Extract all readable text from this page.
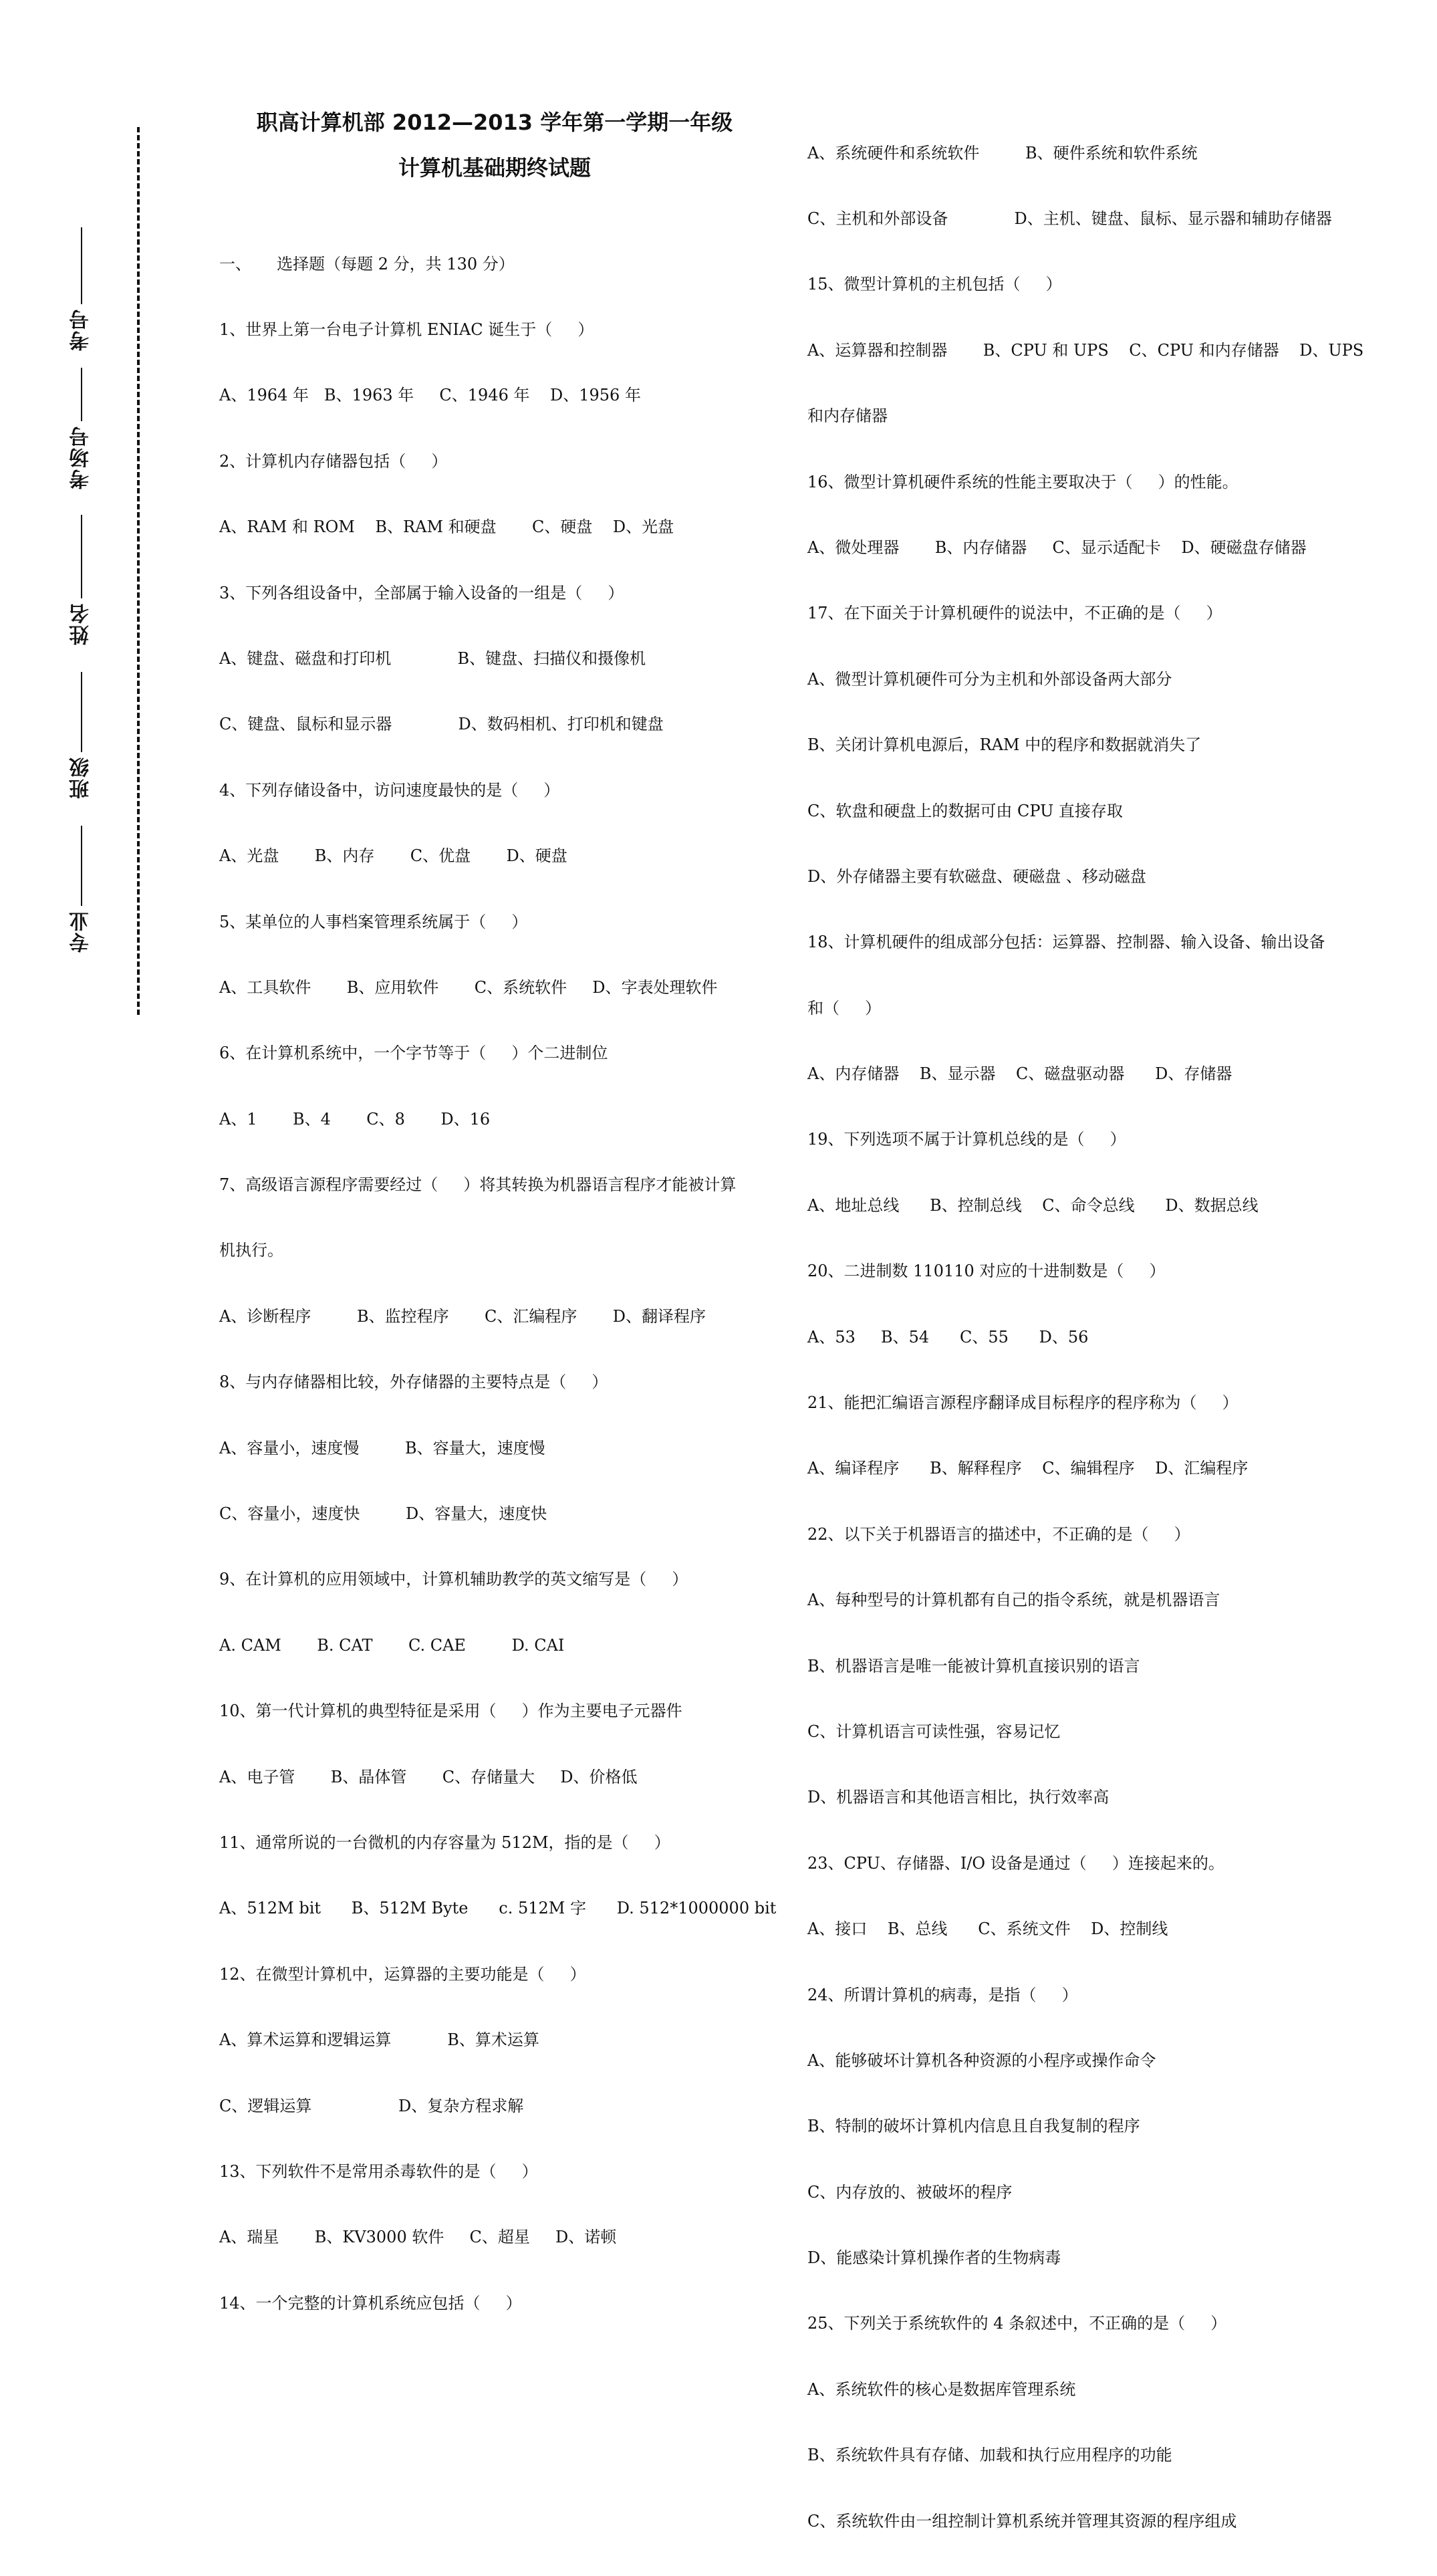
考号
考场号
姓名
班级
专业
职高计算机部 2012—2013 学年第一学期一年级
计算机基础期终试题

一、     选择题（每题 2 分，共 130 分）

1、世界上第一台电子计算机 ENIAC 诞生于（     ）

A、1964 年   B、1963 年     C、1946 年    D、1956 年

2、计算机内存储器包括（     ）

A、RAM 和 ROM    B、RAM 和硬盘       C、硬盘    D、光盘

3、下列各组设备中，全部属于输入设备的一组是（     ）

A、键盘、磁盘和打印机             B、键盘、扫描仪和摄像机

C、键盘、鼠标和显示器             D、数码相机、打印机和键盘

4、下列存储设备中，访问速度最快的是（     ）

A、光盘       B、内存       C、优盘       D、硬盘

5、某单位的人事档案管理系统属于（     ）

A、工具软件       B、应用软件       C、系统软件     D、字表处理软件

6、在计算机系统中，一个字节等于（     ）个二进制位

A、1       B、4       C、8       D、16

7、高级语言源程序需要经过（     ）将其转换为机器语言程序才能被计算

机执行。

A、诊断程序         B、监控程序       C、汇编程序       D、翻译程序

8、与内存储器相比较，外存储器的主要特点是（     ）

A、容量小，速度慢         B、容量大，速度慢

C、容量小，速度快         D、容量大，速度快

9、在计算机的应用领域中，计算机辅助教学的英文缩写是（     ）

A. CAM       B. CAT       C. CAE         D. CAI

10、第一代计算机的典型特征是采用（     ）作为主要电子元器件

A、电子管       B、晶体管       C、存储量大     D、价格低

11、通常所说的一台微机的内存容量为 512M，指的是（     ）

A、512M bit      B、512M Byte      c. 512M 字      D. 512*1000000 bit

12、在微型计算机中，运算器的主要功能是（     ）

A、算术运算和逻辑运算           B、算术运算

C、逻辑运算                 D、复杂方程求解

13、下列软件不是常用杀毒软件的是（     ）

A、瑞星       B、KV3000 软件     C、超星     D、诺顿

14、一个完整的计算机系统应包括（     ）

A、系统硬件和系统软件         B、硬件系统和软件系统

C、主机和外部设备             D、主机、键盘、鼠标、显示器和辅助存储器

15、微型计算机的主机包括（     ）

A、运算器和控制器       B、CPU 和 UPS    C、CPU 和内存储器    D、UPS

和内存储器

16、微型计算机硬件系统的性能主要取决于（     ）的性能。

A、微处理器       B、内存储器     C、显示适配卡    D、硬磁盘存储器

17、在下面关于计算机硬件的说法中，不正确的是（     ）

A、微型计算机硬件可分为主机和外部设备两大部分

B、关闭计算机电源后，RAM 中的程序和数据就消失了

C、软盘和硬盘上的数据可由 CPU 直接存取

D、外存储器主要有软磁盘、硬磁盘 、移动磁盘

18、计算机硬件的组成部分包括：运算器、控制器、输入设备、输出设备

和（     ）

A、内存储器    B、显示器    C、磁盘驱动器      D、存储器

19、下列选项不属于计算机总线的是（     ）

A、地址总线      B、控制总线    C、命令总线      D、数据总线

20、二进制数 110110 对应的十进制数是（     ）

A、53     B、54      C、55      D、56

21、能把汇编语言源程序翻译成目标程序的程序称为（     ）

A、编译程序      B、解释程序    C、编辑程序    D、汇编程序

22、以下关于机器语言的描述中，不正确的是（     ）

A、每种型号的计算机都有自己的指令系统，就是机器语言

B、机器语言是唯一能被计算机直接识别的语言

C、计算机语言可读性强，容易记忆

D、机器语言和其他语言相比，执行效率高

23、CPU、存储器、I/O 设备是通过（     ）连接起来的。

A、接口    B、总线      C、系统文件    D、控制线

24、所谓计算机的病毒，是指（     ）

A、能够破坏计算机各种资源的小程序或操作命令

B、特制的破坏计算机内信息且自我复制的程序

C、内存放的、被破坏的程序

D、能感染计算机操作者的生物病毒

25、下列关于系统软件的 4 条叙述中，不正确的是（     ）

A、系统软件的核心是数据库管理系统

B、系统软件具有存储、加载和执行应用程序的功能

C、系统软件由一组控制计算机系统并管理其资源的程序组成
